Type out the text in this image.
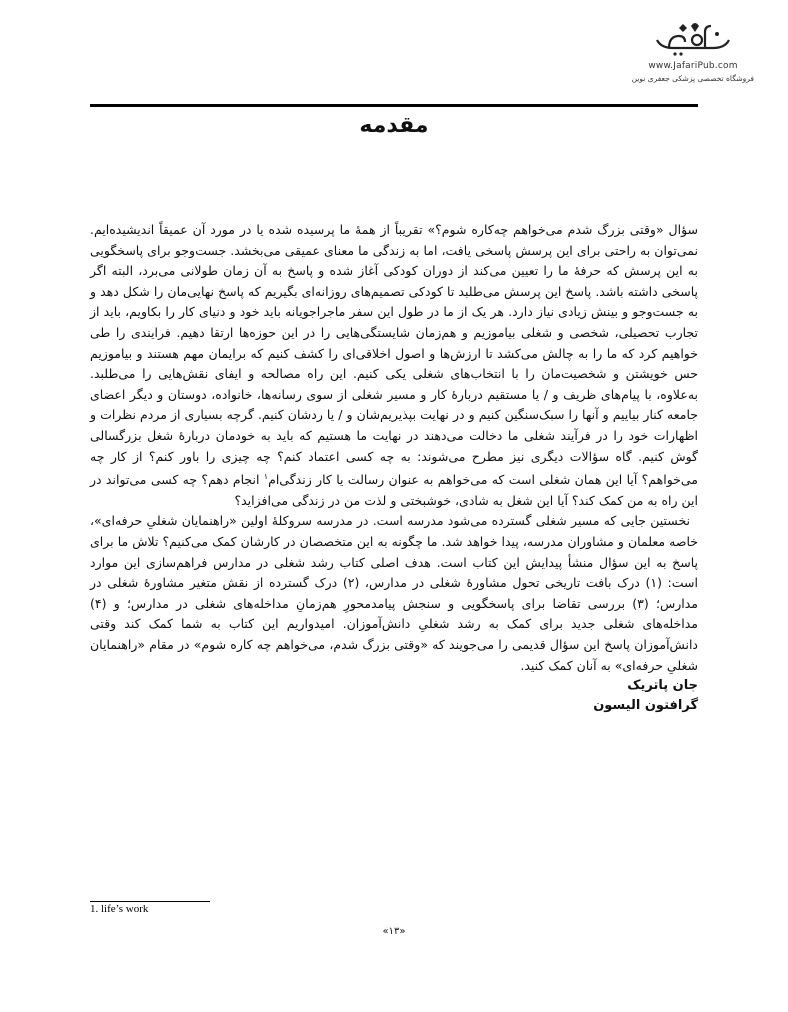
www.JafariPub.com
فروشگاه تخصصی پزشکی جعفری نوین
مقدمه

سؤال «وقتی بزرگ شدم می‌خواهم چه‌کاره شوم؟» تقریباً از همهٔ ما پرسیده شده یا در مورد آن عمیقاً اندیشیده‌ایم. نمی‌توان به راحتی برای این پرسش پاسخی یافت، اما به زندگی ما معنای عمیقی می‌بخشد. جست‌وجو برای پاسخگویی به این پرسش که حرفهٔ ما را تعیین می‌کند از دوران کودکی آغاز شده و پاسخ به آن زمان طولانی می‌برد، البته اگر پاسخی داشته باشد. پاسخ این پرسش می‌طلبد تا کودکی تصمیم‌های روزانه‌ای بگیریم که پاسخ نهایی‌مان را شکل دهد و به جست‌وجو و بینش زیادی نیاز دارد. هر یک از ما در طول این سفر ماجراجویانه باید خود و دنیای کار را بکاویم، باید از تجارب تحصیلی، شخصی و شغلی بیاموزیم و هم‌زمان شایستگی‌هایی را در این حوزه‌ها ارتقا دهیم. فرایندی را طی خواهیم کرد که ما را به چالش می‌کشد تا ارزش‌ها و اصول اخلاقی‌ای را کشف کنیم که برایمان مهم هستند و بیاموزیم حس خویشتن و شخصیت‌مان را با انتخاب‌های شغلی یکی کنیم. این راه مصالحه و ایفای نقش‌هایی را می‌طلبد. به‌علاوه، با پیام‌های ظریف و / یا مستقیم دربارهٔ کار و مسیر شغلی از سوی رسانه‌ها، خانواده، دوستان و دیگر اعضای جامعه کنار بیاییم و آنها را سبک‌سنگین کنیم و در نهایت بپذیریم‌شان و / یا ردشان کنیم. گرچه بسیاری از مردم نظرات و اظهارات خود را در فرآیند شغلی ما دخالت می‌دهند در نهایت ما هستیم که باید به خودمان دربارهٔ شغل بزرگسالی گوش کنیم. گاه سؤالات دیگری نیز مطرح می‌شوند: به چه کسی اعتماد کنم؟ چه چیزی را باور کنم؟ از کار چه می‌خواهم؟ آیا این همان شغلی است که می‌خواهم به عنوان رسالت یا کار زندگی‌ام$^۱$ انجام دهم؟ چه کسی می‌تواند در این راه به من کمک کند؟ آیا این شغل به شادی، خوشبختی و لذت من در زندگی می‌افزاید؟

نخستین جایی که مسیر شغلی گسترده می‌شود مدرسه است. در مدرسه سروکلهٔ اولین «راهنمایان شغلیِ حرفه‌ای»، خاصه معلمان و مشاوران مدرسه، پیدا خواهد شد. ما چگونه به این متخصصان در کارشان کمک می‌کنیم؟ تلاش ما برای پاسخ به این سؤال منشأ پیدایش این کتاب است. هدف اصلی کتاب رشد شغلی در مدارس فراهم‌سازی این موارد است: (۱) درک بافت تاریخی تحول مشاورهٔ شغلی در مدارس، (۲) درک گسترده از نقش متغیر مشاورهٔ شغلی در مدارس؛ (۳) بررسی تقاضا برای پاسخگویی و سنجش پیامدمحورِ هم‌زمانِ مداخله‌های شغلی در مدارس؛ و (۴) مداخله‌های شغلی جدید برای کمک به رشد شغلیِ دانش‌آموزان. امیدواریم این کتاب به شما کمک کند وقتی دانش‌آموزان پاسخ این سؤال قدیمی را می‌جویند که «وقتی بزرگ شدم، می‌خواهم چه کاره شوم» در مقام «راهنمایان شغلیِ حرفه‌ای» به آنان کمک کنید.

جان پاتریک
گرافتون الیسون
1. life’s work
«۱۳»
